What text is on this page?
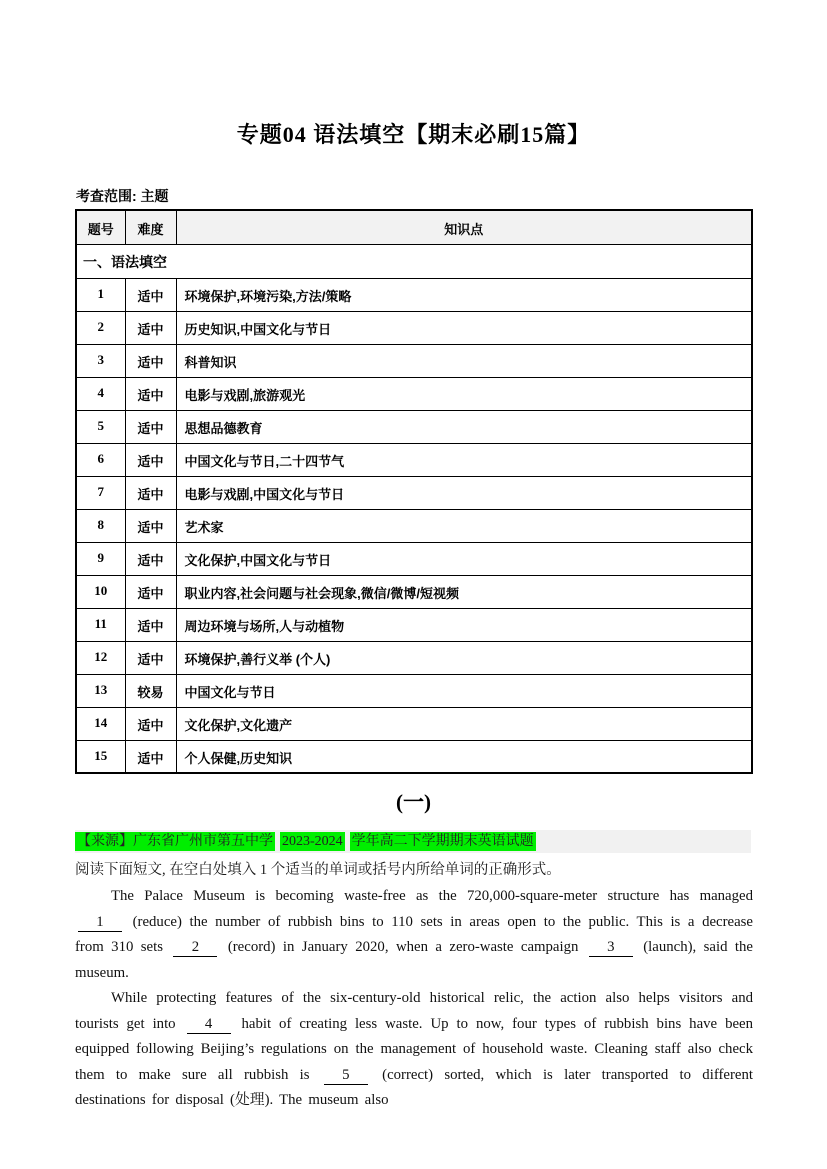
专题04 语法填空【期末必刷15篇】
考查范围: 主题
题号	难度	知识点
一、语法填空		
1	适中	环境保护,环境污染,方法/策略
2	适中	历史知识,中国文化与节日
3	适中	科普知识
4	适中	电影与戏剧,旅游观光
5	适中	思想品德教育
6	适中	中国文化与节日,二十四节气
7	适中	电影与戏剧,中国文化与节日
8	适中	艺术家
9	适中	文化保护,中国文化与节日
10	适中	职业内容,社会问题与社会现象,微信/微博/短视频
11	适中	周边环境与场所,人与动植物
12	适中	环境保护,善行义举 (个人)
13	较易	中国文化与节日
14	适中	文化保护,文化遗产
15	适中	个人保健,历史知识
(一)
【来源】广东省广州市第五中学 2023-2024 学年高二下学期期末英语试题
阅读下面短文, 在空白处填入 1 个适当的单词或括号内所给单词的正确形式。

The Palace Museum is becoming waste-free as the 720,000-square-meter structure has managed 1 (reduce) the number of rubbish bins to 110 sets in areas open to the public. This is a decrease from 310 sets 2 (record) in January 2020, when a zero-waste campaign 3 (launch), said the museum.

While protecting features of the six-century-old historical relic, the action also helps visitors and tourists get into 4 habit of creating less waste. Up to now, four types of rubbish bins have been equipped following Beijing’s regulations on the management of household waste. Cleaning staff also check them to make sure all rubbish is 5 (correct) sorted, which is later transported to different destinations for disposal (处理). The museum also
